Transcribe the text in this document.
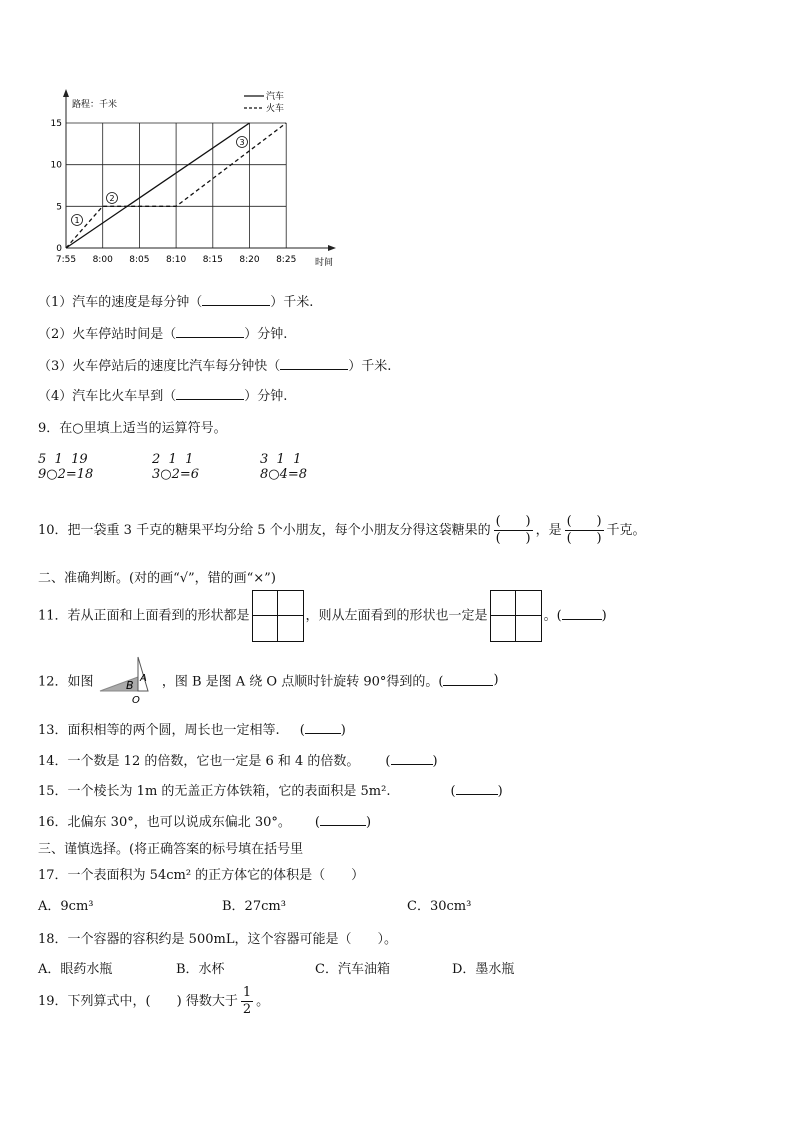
7:55 8:00 8:05 8:10 8:15 8:20 8:25
0
5
10
15
路程：千米
时间
汽车
火车
1
2
3
（1）汽车的速度是每分钟（	）千米.
（2）火车停站时间是（	）分钟.
（3）火车停站后的速度比汽车每分钟快（	）千米.
（4）汽车比火车早到（	）分钟.
9．在○里填上适当的运算符号。
5  1  19
9○2=18
2  1  1
3○2=6
3  1  1
8○4=8
10．把一袋重 3 千克的糖果平均分给 5 个小朋友，每个小朋友分得这袋糖果的 $\frac{( )}{( )}$ ，是 $\frac{( )}{( )}$ 千克。
二、准确判断。(对的画“√”，错的画“×”)
11．若从正面和上面看到的形状都是	，则从左面看到的形状也一定是	。(	)
12．如图	B
A
O
，图 B 是图 A 绕 O 点顺时针旋转 90°得到的。(	)
13．面积相等的两个圆，周长也一定相等. (	)
14．一个数是 12 的倍数，它也一定是 6 和 4 的倍数。 (	)
15．一个棱长为 1m 的无盖正方体铁箱，它的表面积是 5m².	(	)
16．北偏东 30°，也可以说成东偏北 30°。 (	)
三、谨慎选择。(将正确答案的标号填在括号里
17．一个表面积为 54cm² 的正方体它的体积是（　　）
A．9cm³	B．27cm³	C．30cm³
18．一个容器的容积约是 500mL，这个容器可能是（　　）。
A．眼药水瓶	B．水杯	C．汽车油箱	D．墨水瓶
19．下列算式中，(　　) 得数大于 $\frac{1}{2}$ 。
